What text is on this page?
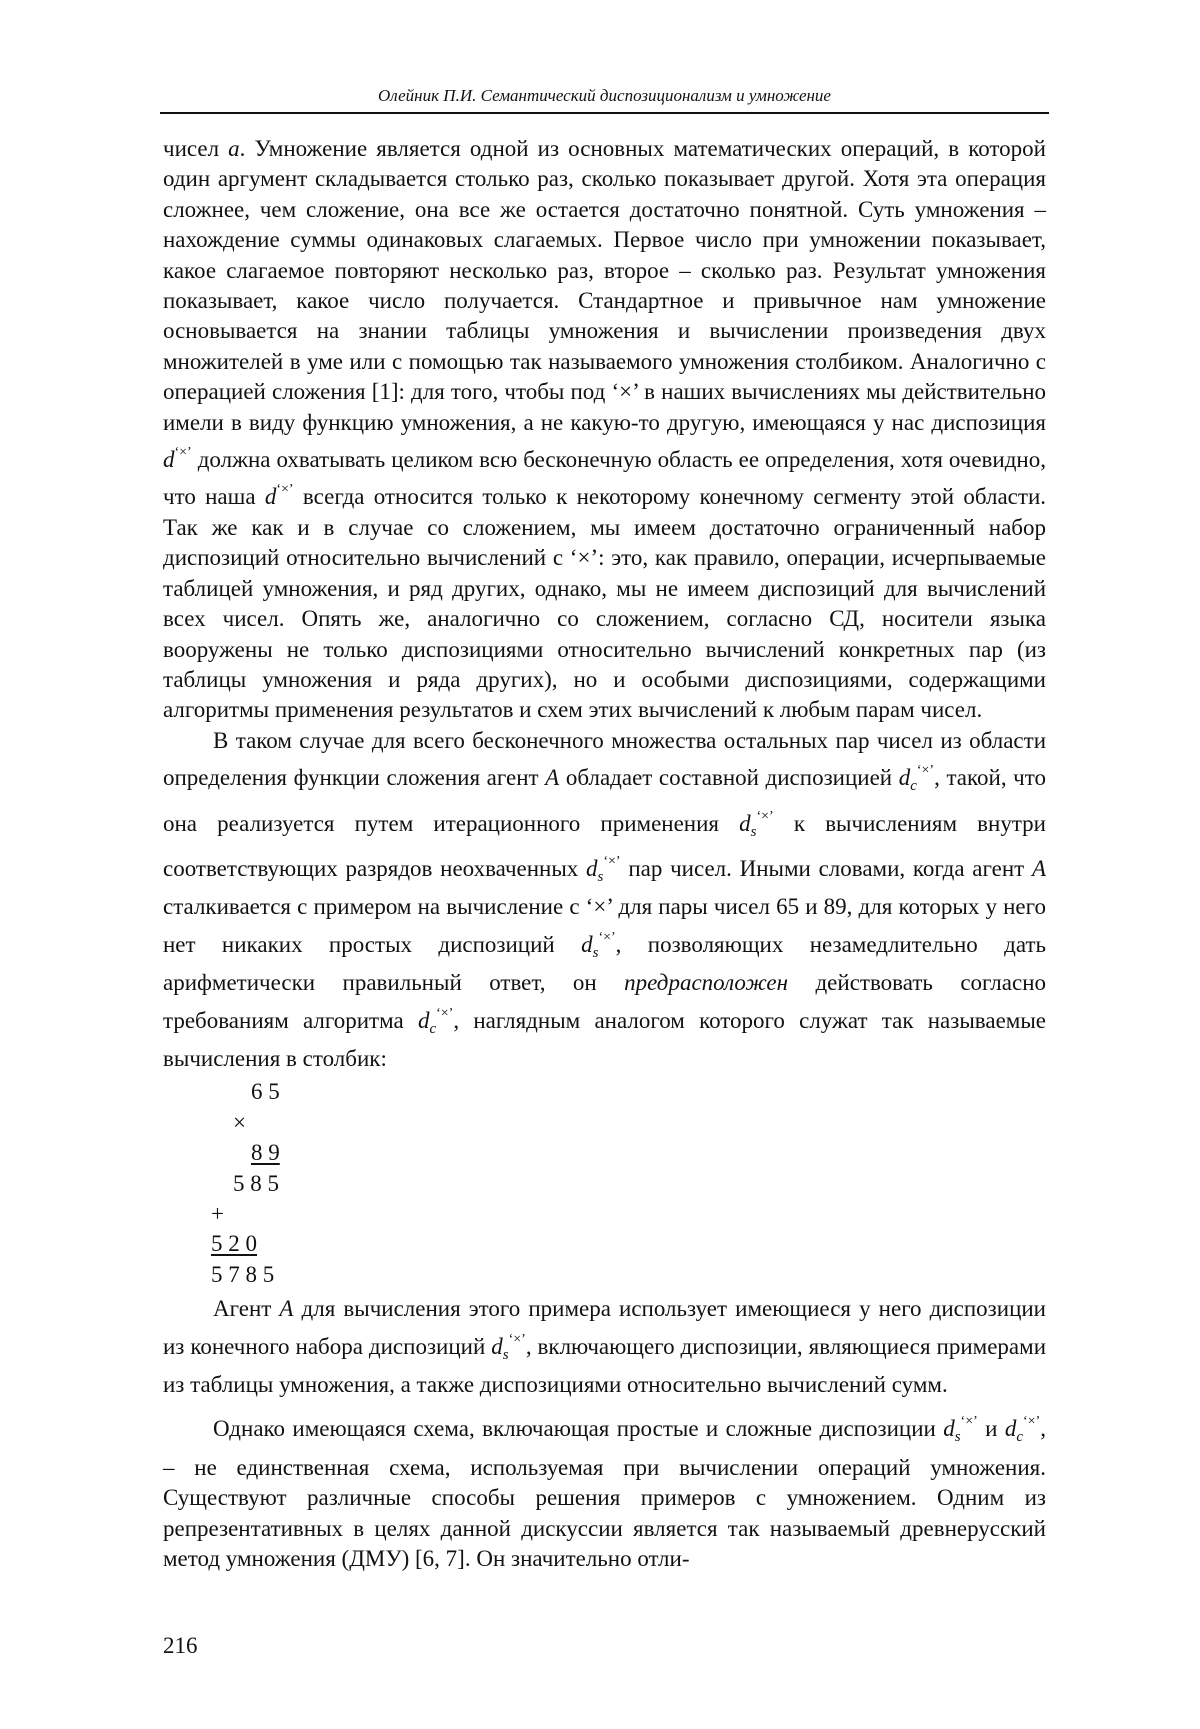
Олейник П.И. Семантический диспозиционализм и умножение

чисел a. Умножение является одной из основных математических операций, в которой один аргумент складывается столько раз, сколько показывает другой. Хотя эта операция сложнее, чем сложение, она все же остается достаточно понятной. Суть умножения – нахождение суммы одинаковых слагаемых. Первое число при умножении показывает, какое слагаемое повторяют несколько раз, второе – сколько раз. Результат умножения показывает, какое число получается. Стандартное и привычное нам умножение основывается на знании таблицы умножения и вычислении произведения двух множителей в уме или с помощью так называемого умножения столбиком. Аналогично с операцией сложения [1]: для того, чтобы под ‘×’ в наших вычислениях мы действительно имели в виду функцию умножения, а не какую-то другую, имеющаяся у нас диспозиция d‘×’ должна охватывать целиком всю бесконечную область ее определения, хотя очевидно, что наша d‘×’ всегда относится только к некоторому конечному сегменту этой области. Так же как и в случае со сложением, мы имеем достаточно ограниченный набор диспозиций относительно вычислений с ‘×’: это, как правило, операции, исчерпываемые таблицей умножения, и ряд других, однако, мы не имеем диспозиций для вычислений всех чисел. Опять же, аналогично со сложением, согласно СД, носители языка вооружены не только диспозициями относительно вычислений конкретных пар (из таблицы умножения и ряда других), но и особыми диспозициями, содержащими алгоритмы применения результатов и схем этих вычислений к любым парам чисел.

В таком случае для всего бесконечного множества остальных пар чисел из области определения функции сложения агент A обладает составной диспозицией $d_c^{‘\times’}$, такой, что она реализуется путем итерационного применения $d_s^{‘\times’}$ к вычислениям внутри соответствующих разрядов неохваченных $d_s^{‘\times’}$ пар чисел. Иными словами, когда агент A сталкивается с примером на вычисление с ‘×’ для пары чисел 65 и 89, для которых у него нет никаких простых диспозиций $d_s^{‘\times’}$, позволяющих незамедлительно дать арифметически правильный ответ, он предрасположен действовать согласно требованиям алгоритма $d_c^{‘\times’}$, наглядным аналогом которого служат так называемые вычисления в столбик:

6 5
×
8 9
5 8 5
+
5 2 0
5 7 8 5

Агент A для вычисления этого примера использует имеющиеся у него диспозиции из конечного набора диспозиций $d_s^{‘\times’}$, включающего диспозиции, являющиеся примерами из таблицы умножения, а также диспозициями относительно вычислений сумм.

Однако имеющаяся схема, включающая простые и сложные диспозиции $d_s^{‘\times’}$ и $d_c^{‘\times’}$, – не единственная схема, используемая при вычислении операций умножения. Существуют различные способы решения примеров с умножением. Одним из репрезентативных в целях данной дискуссии является так называемый древнерусский метод умножения (ДМУ) [6, 7]. Он значительно отли-

216
